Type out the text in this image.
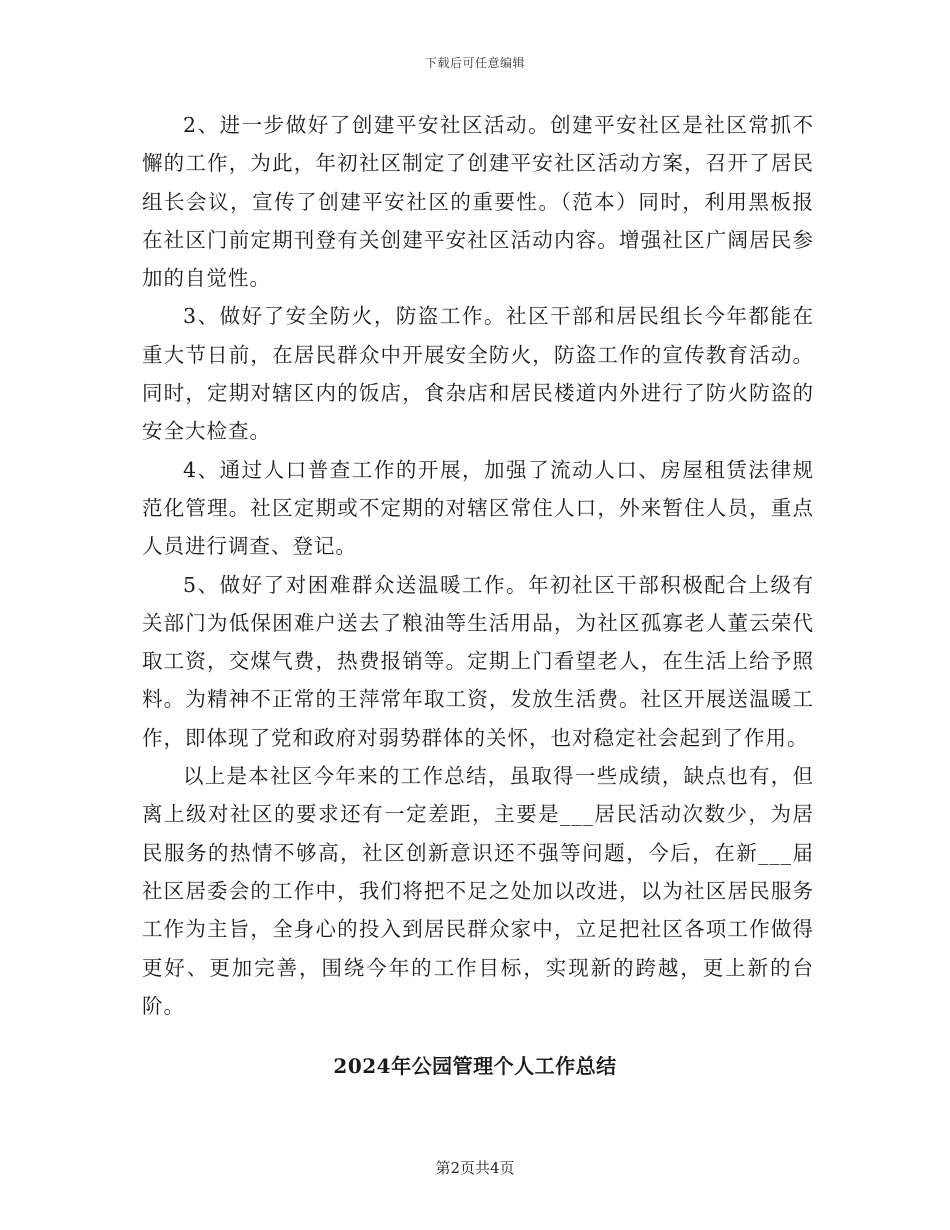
下载后可任意编辑

2、进一步做好了创建平安社区活动。创建平安社区是社区常抓不懈的工作，为此，年初社区制定了创建平安社区活动方案，召开了居民组长会议，宣传了创建平安社区的重要性。（范本）同时，利用黑板报在社区门前定期刊登有关创建平安社区活动内容。增强社区广阔居民参加的自觉性。

3、做好了安全防火，防盗工作。社区干部和居民组长今年都能在重大节日前，在居民群众中开展安全防火，防盗工作的宣传教育活动。同时，定期对辖区内的饭店，食杂店和居民楼道内外进行了防火防盗的安全大检查。

4、通过人口普查工作的开展，加强了流动人口、房屋租赁法律规范化管理。社区定期或不定期的对辖区常住人口，外来暂住人员，重点人员进行调查、登记。

5、做好了对困难群众送温暖工作。年初社区干部积极配合上级有关部门为低保困难户送去了粮油等生活用品，为社区孤寡老人董云荣代取工资，交煤气费，热费报销等。定期上门看望老人，在生活上给予照料。为精神不正常的王萍常年取工资，发放生活费。社区开展送温暖工作，即体现了党和政府对弱势群体的关怀，也对稳定社会起到了作用。

以上是本社区今年来的工作总结，虽取得一些成绩，缺点也有，但离上级对社区的要求还有一定差距，主要是___居民活动次数少，为居民服务的热情不够高，社区创新意识还不强等问题，今后，在新___届社区居委会的工作中，我们将把不足之处加以改进，以为社区居民服务工作为主旨，全身心的投入到居民群众家中，立足把社区各项工作做得更好、更加完善，围绕今年的工作目标，实现新的跨越，更上新的台阶。

2024年公园管理个人工作总结
第2页共4页
